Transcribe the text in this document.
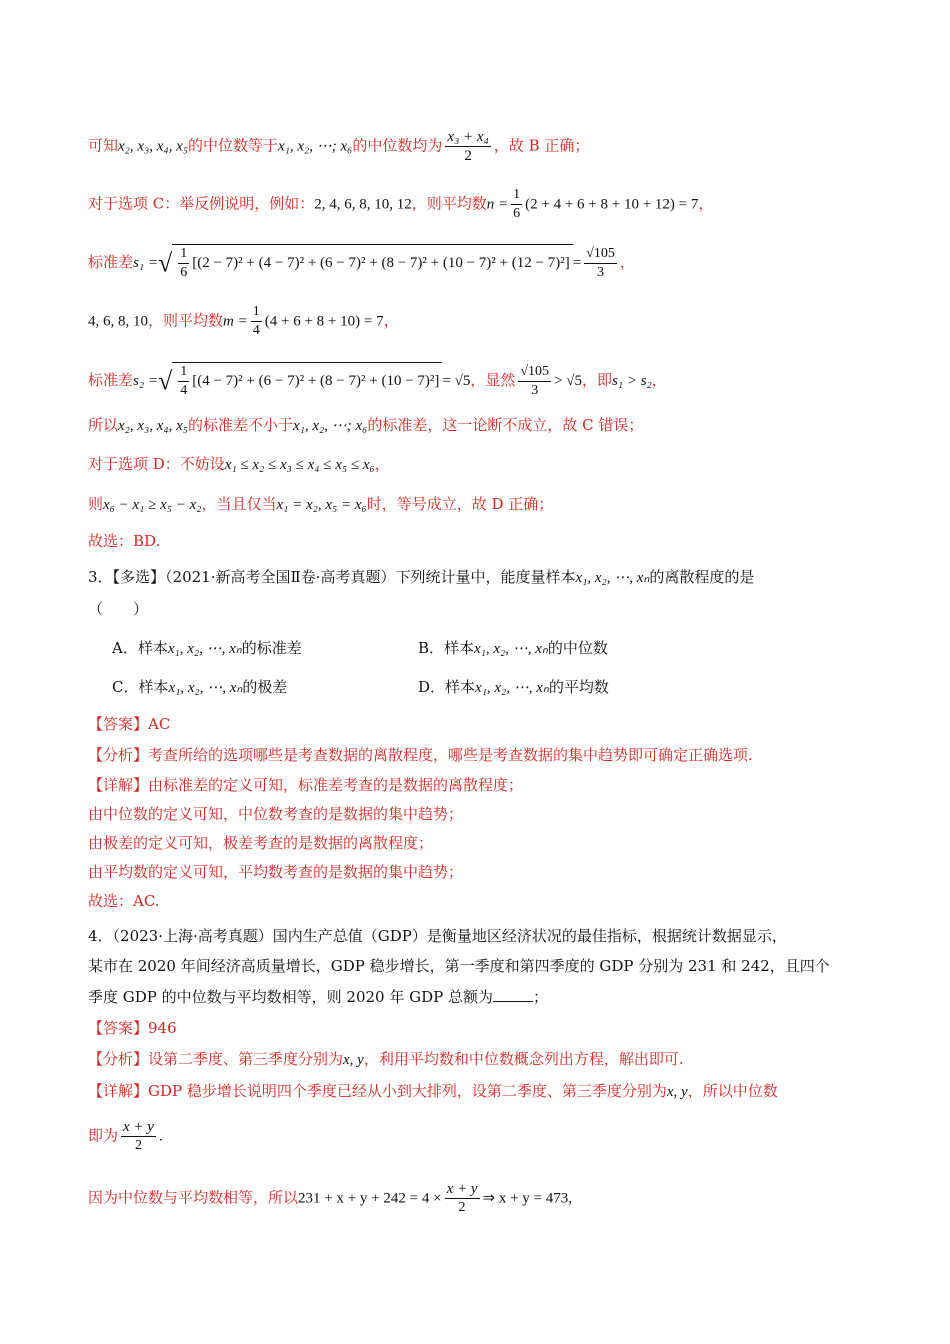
可知x₂, x₃, x₄, x₅的中位数等于x₁, x₂, ⋯; x₆的中位数均为 $\frac{\text{x₃ + x₄}}{2}$ ，故 B 正确；
对于选项 C：举反例说明，例如：2, 4, 6, 8, 10, 12，则平均数$n = \frac{1}{6} (2 + 4 + 6 + 8 + 10 + 12) = 7$，
标准差s₁ =√ $\frac{1}{6} [(2 - 7)^2 + (4 - 7)^2 + (6 - 7)^2 + (8 - 7)^2 + (10 - 7)^2 + (12 - 7)^2] = \frac{√105}{3}$ ，
4, 6, 8, 10，则平均数$m = \frac{1}{4} (4 + 6 + 8 + 10) = 7$，
标准差s₂ =√ $\frac{1}{4} [(4 - 7)^2 + (6 - 7)^2 + (8 - 7)^2 + (10 - 7)^2] = √5$，显然 $\frac{√105}{3} > √5$，即s₁ > s₂，
所以x₂, x₃, x₄, x₅的标准差不小于x₁, x₂, ⋯; x₆的标准差，这一论断不成立，故 C 错误；
对于选项 D：不妨设x₁ ≤ x₂ ≤ x₃ ≤ x₄ ≤ x₅ ≤ x₆，
则x₆ − x₁ ≥ x₅ − x₂，当且仅当x₁ = x₂, x₅ = x₆时，等号成立，故 D 正确；
故选：BD.
3．【多选】（2021·新高考全国Ⅱ卷·高考真题）下列统计量中，能度量样本x₁, x₂, ⋯, xₙ的离散程度的是
（　　）
A．样本x₁, x₂, ⋯, xₙ的标准差	B．样本x₁, x₂, ⋯, xₙ的中位数
C．样本x₁, x₂, ⋯, xₙ的极差	D．样本x₁, x₂, ⋯, xₙ的平均数
【答案】AC
【分析】考查所给的选项哪些是考查数据的离散程度，哪些是考查数据的集中趋势即可确定正确选项.
【详解】由标准差的定义可知，标准差考查的是数据的离散程度；
由中位数的定义可知，中位数考查的是数据的集中趋势；
由极差的定义可知，极差考查的是数据的离散程度；
由平均数的定义可知，平均数考查的是数据的集中趋势；
故选：AC.
4．（2023·上海·高考真题）国内生产总值（GDP）是衡量地区经济状况的最佳指标，根据统计数据显示，
某市在 2020 年间经济高质量增长，GDP 稳步增长，第一季度和第四季度的 GDP 分别为 231 和 242，且四个
季度 GDP 的中位数与平均数相等，则 2020 年 GDP 总额为	；
【答案】946
【分析】设第二季度、第三季度分别为x, y，利用平均数和中位数概念列出方程，解出即可.
【详解】GDP 稳步增长说明四个季度已经从小到大排列，设第二季度、第三季度分别为x, y，所以中位数
即为 $\frac{x + y}{2}$ .
因为中位数与平均数相等，所以$231 + x + y + 242 = 4 \times \frac{x + y}{2}$ ⇒ x + y = 473,
